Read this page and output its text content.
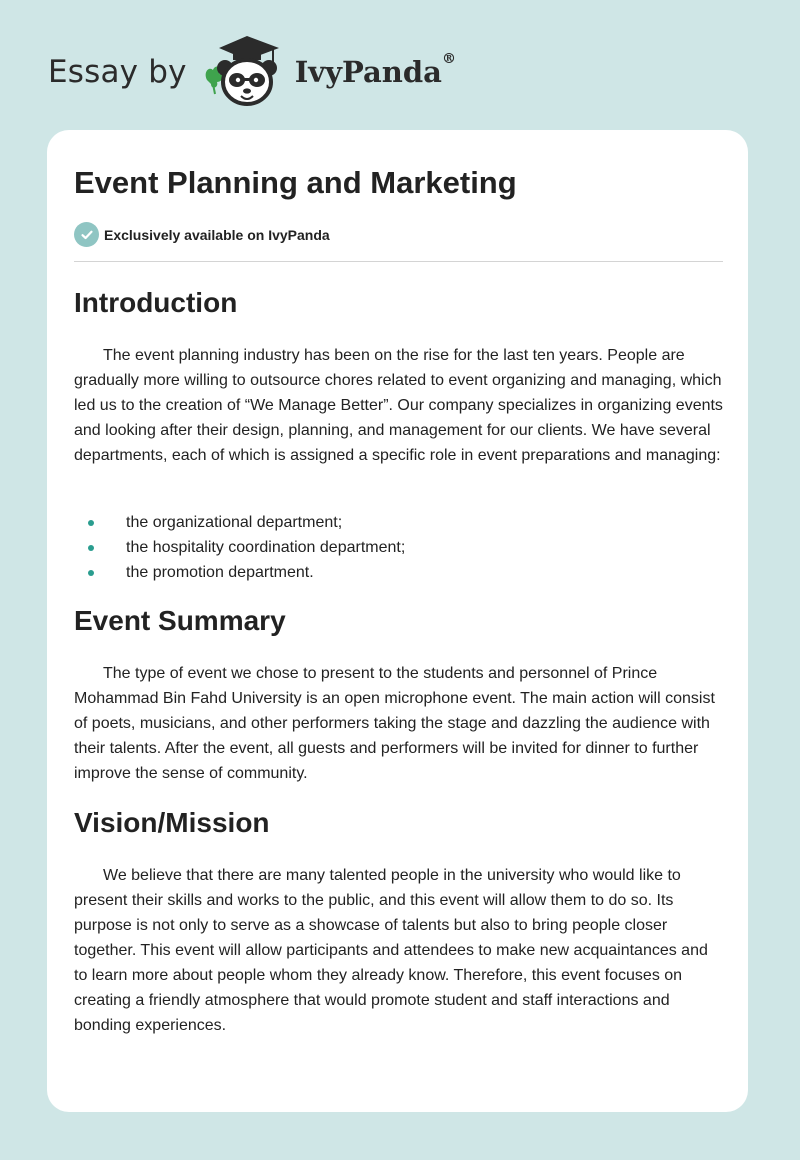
Essay by	IvyPanda®
Event Planning and Marketing
Exclusively available on IvyPanda
Introduction

The event planning industry has been on the rise for the last ten years. People are gradually more willing to outsource chores related to event organizing and managing, which led us to the creation of “We Manage Better”. Our company specializes in organizing events and looking after their design, planning, and management for our clients. We have several departments, each of which is assigned a specific role in event preparations and managing:

the organizational department;
the hospitality coordination department;
the promotion department.
Event Summary

The type of event we chose to present to the students and personnel of Prince Mohammad Bin Fahd University is an open microphone event. The main action will consist of poets, musicians, and other performers taking the stage and dazzling the audience with their talents. After the event, all guests and performers will be invited for dinner to further improve the sense of community.

Vision/Mission

We believe that there are many talented people in the university who would like to present their skills and works to the public, and this event will allow them to do so. Its purpose is not only to serve as a showcase of talents but also to bring people closer together. This event will allow participants and attendees to make new acquaintances and to learn more about people whom they already know. Therefore, this event focuses on creating a friendly atmosphere that would promote student and staff interactions and bonding experiences.
